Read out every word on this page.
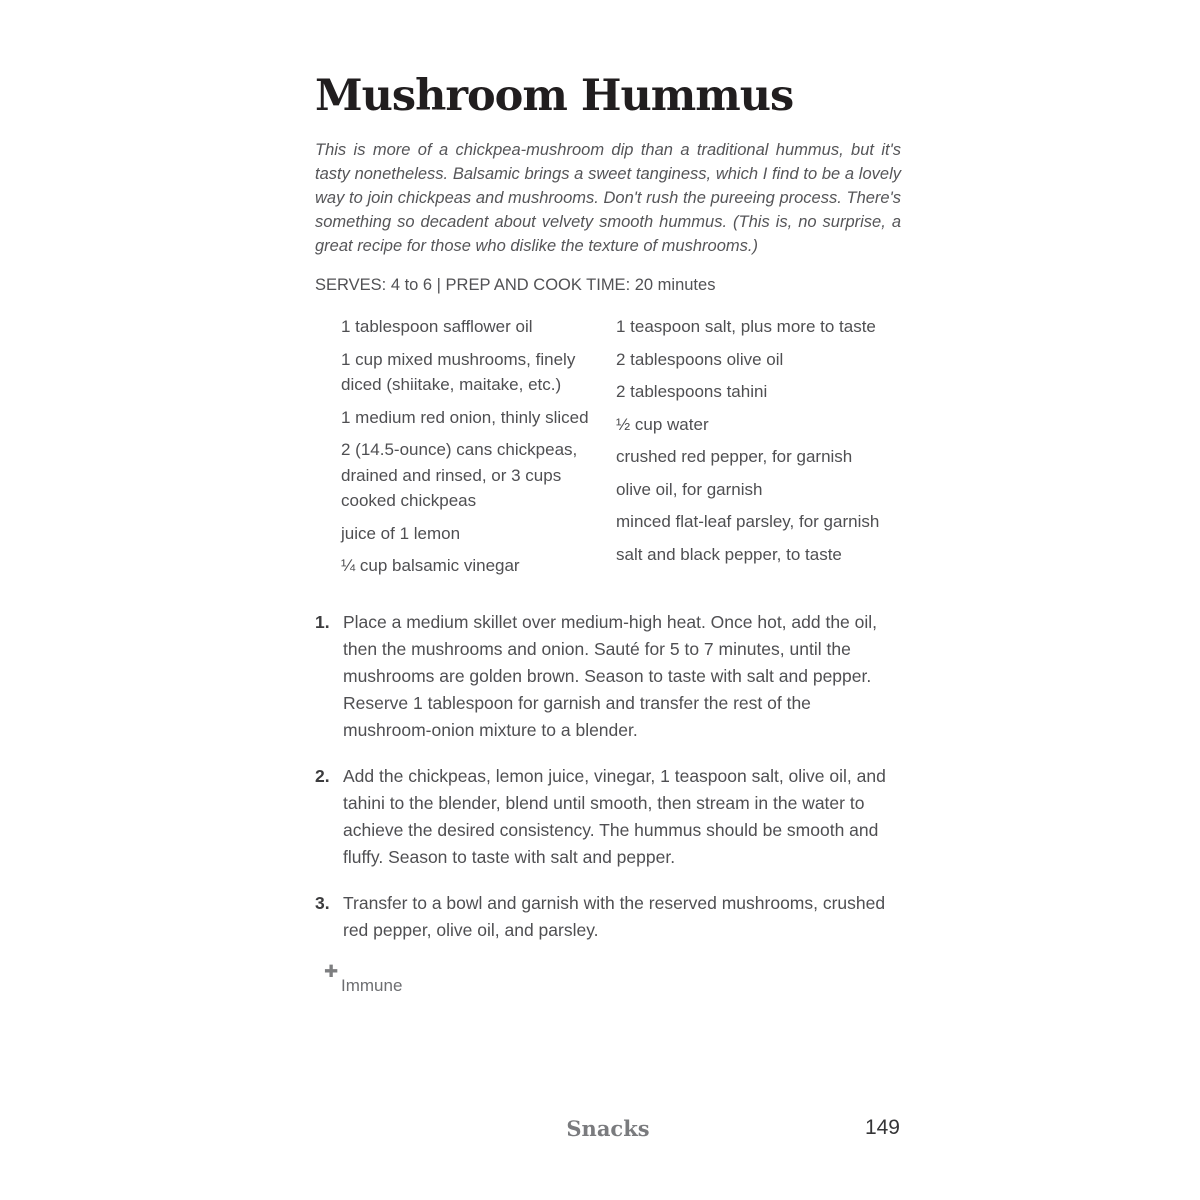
Mushroom Hummus

This is more of a chickpea-mushroom dip than a traditional hummus, but it's tasty nonetheless. Balsamic brings a sweet tanginess, which I find to be a lovely way to join chickpeas and mushrooms. Don't rush the pureeing process. There's something so decadent about velvety smooth hummus. (This is, no surprise, a great recipe for those who dislike the texture of mushrooms.)

SERVES: 4 to 6 | PREP AND COOK TIME: 20 minutes

1 tablespoon safflower oil

1 cup mixed mushrooms, finely diced (shiitake, maitake, etc.)

1 medium red onion, thinly sliced

2 (14.5-ounce) cans chickpeas, drained and rinsed, or 3 cups cooked chickpeas

juice of 1 lemon

¼ cup balsamic vinegar

1 teaspoon salt, plus more to taste

2 tablespoons olive oil

2 tablespoons tahini

½ cup water

crushed red pepper, for garnish

olive oil, for garnish

minced flat-leaf parsley, for garnish

salt and black pepper, to taste

1. Place a medium skillet over medium-high heat. Once hot, add the oil, then the mushrooms and onion. Sauté for 5 to 7 minutes, until the mushrooms are golden brown. Season to taste with salt and pepper. Reserve 1 tablespoon for garnish and transfer the rest of the mushroom-onion mixture to a blender.
2. Add the chickpeas, lemon juice, vinegar, 1 teaspoon salt, olive oil, and tahini to the blender, blend until smooth, then stream in the water to achieve the desired consistency. The hummus should be smooth and fluffy. Season to taste with salt and pepper.
3. Transfer to a bowl and garnish with the reserved mushrooms, crushed red pepper, olive oil, and parsley.
✚
Immune
Snacks	149
